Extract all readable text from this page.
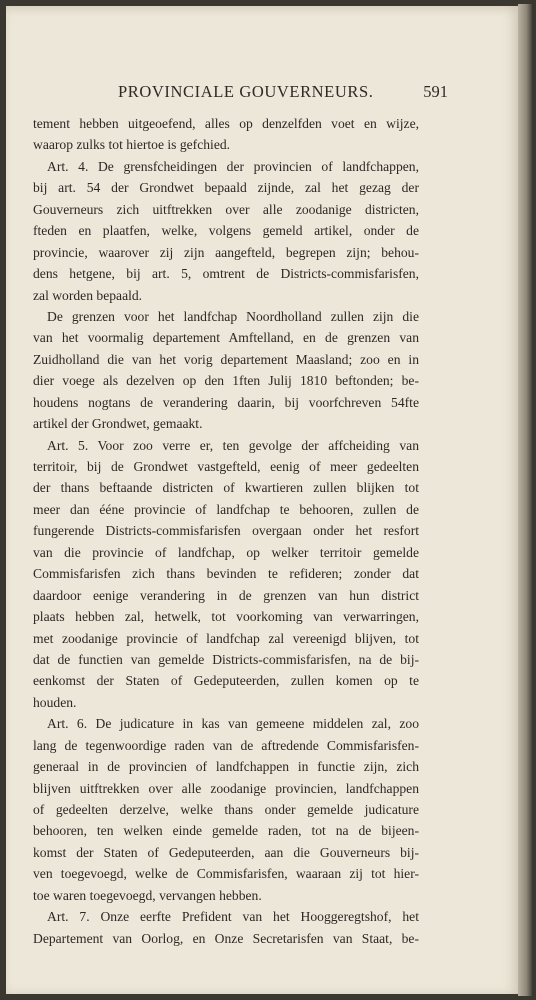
PROVINCIALE GOUVERNEURS.	591
tement hebben uitgeoefend, alles op denzelfden voet en wijze,
waarop zulks tot hiertoe is gefchied.
Art. 4. De grensfcheidingen der provincien of landfchappen,
bij art. 54 der Grondwet bepaald zijnde, zal het gezag der
Gouverneurs zich uitftrekken over alle zoodanige districten,
fteden en plaatfen, welke, volgens gemeld artikel, onder de
provincie, waarover zij zijn aangefteld, begrepen zijn; behou-
dens hetgene, bij art. 5, omtrent de Districts-commisfarisfen,
zal worden bepaald.
De grenzen voor het landfchap Noordholland zullen zijn die
van het voormalig departement Amftelland, en de grenzen van
Zuidholland die van het vorig departement Maasland; zoo en in
dier voege als dezelven op den 1ften Julij 1810 beftonden; be-
houdens nogtans de verandering daarin, bij voorfchreven 54fte
artikel der Grondwet, gemaakt.
Art. 5. Voor zoo verre er, ten gevolge der affcheiding van
territoir, bij de Grondwet vastgefteld, eenig of meer gedeelten
der thans beftaande districten of kwartieren zullen blijken tot
meer dan ééne provincie of landfchap te behooren, zullen de
fungerende Districts-commisfarisfen overgaan onder het resfort
van die provincie of landfchap, op welker territoir gemelde
Commisfarisfen zich thans bevinden te refideren; zonder dat
daardoor eenige verandering in de grenzen van hun district
plaats hebben zal, hetwelk, tot voorkoming van verwarringen,
met zoodanige provincie of landfchap zal vereenigd blijven, tot
dat de functien van gemelde Districts-commisfarisfen, na de bij-
eenkomst der Staten of Gedeputeerden, zullen komen op te
houden.
Art. 6. De judicature in kas van gemeene middelen zal, zoo
lang de tegenwoordige raden van de aftredende Commisfarisfen-
generaal in de provincien of landfchappen in functie zijn, zich
blijven uitftrekken over alle zoodanige provincien, landfchappen
of gedeelten derzelve, welke thans onder gemelde judicature
behooren, ten welken einde gemelde raden, tot na de bijeen-
komst der Staten of Gedeputeerden, aan die Gouverneurs bij-
ven toegevoegd, welke de Commisfarisfen, waaraan zij tot hier-
toe waren toegevoegd, vervangen hebben.
Art. 7. Onze eerfte Prefident van het Hooggeregtshof, het
Departement van Oorlog, en Onze Secretarisfen van Staat, be-
